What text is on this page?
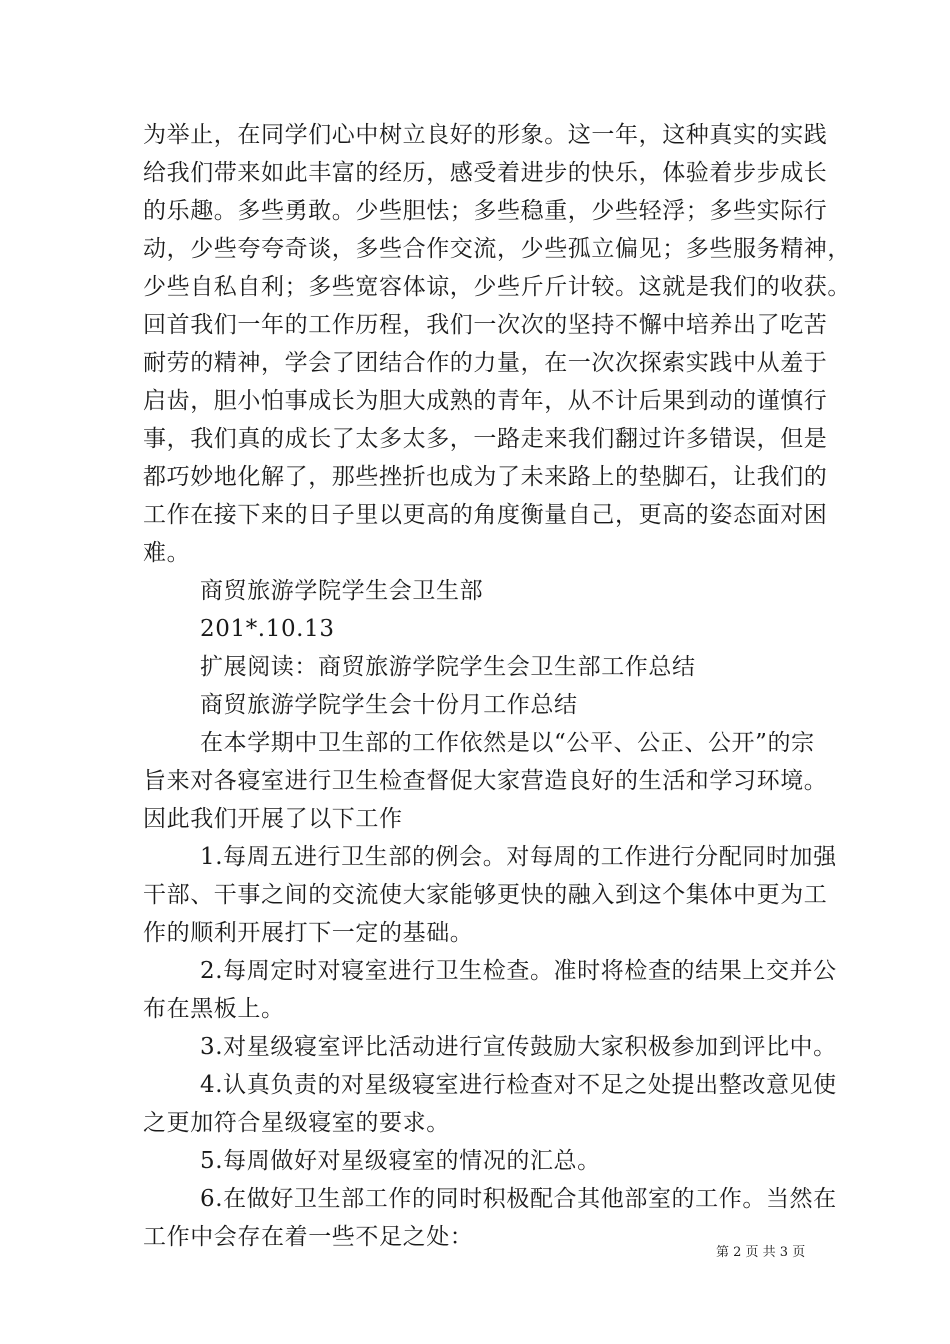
为举止，在同学们心中树立良好的形象。这一年，这种真实的实践
给我们带来如此丰富的经历，感受着进步的快乐，体验着步步成长
的乐趣。多些勇敢。少些胆怯；多些稳重，少些轻浮；多些实际行
动，少些夸夸奇谈，多些合作交流，少些孤立偏见；多些服务精神，
少些自私自利；多些宽容体谅，少些斤斤计较。这就是我们的收获。
回首我们一年的工作历程，我们一次次的坚持不懈中培养出了吃苦
耐劳的精神，学会了团结合作的力量，在一次次探索实践中从羞于
启齿，胆小怕事成长为胆大成熟的青年，从不计后果到动的谨慎行
事，我们真的成长了太多太多，一路走来我们翻过许多错误，但是
都巧妙地化解了，那些挫折也成为了未来路上的垫脚石，让我们的
工作在接下来的日子里以更高的角度衡量自己，更高的姿态面对困
难。
商贸旅游学院学生会卫生部
201*.10.13
扩展阅读：商贸旅游学院学生会卫生部工作总结
商贸旅游学院学生会十份月工作总结
在本学期中卫生部的工作依然是以“公平、公正、公开”的宗
旨来对各寝室进行卫生检查督促大家营造良好的生活和学习环境。
因此我们开展了以下工作
1.每周五进行卫生部的例会。对每周的工作进行分配同时加强
干部、干事之间的交流使大家能够更快的融入到这个集体中更为工
作的顺利开展打下一定的基础。
2.每周定时对寝室进行卫生检查。准时将检查的结果上交并公
布在黑板上。
3.对星级寝室评比活动进行宣传鼓励大家积极参加到评比中。
4.认真负责的对星级寝室进行检查对不足之处提出整改意见使
之更加符合星级寝室的要求。
5.每周做好对星级寝室的情况的汇总。
6.在做好卫生部工作的同时积极配合其他部室的工作。当然在
工作中会存在着一些不足之处：
第 2 页 共 3 页
